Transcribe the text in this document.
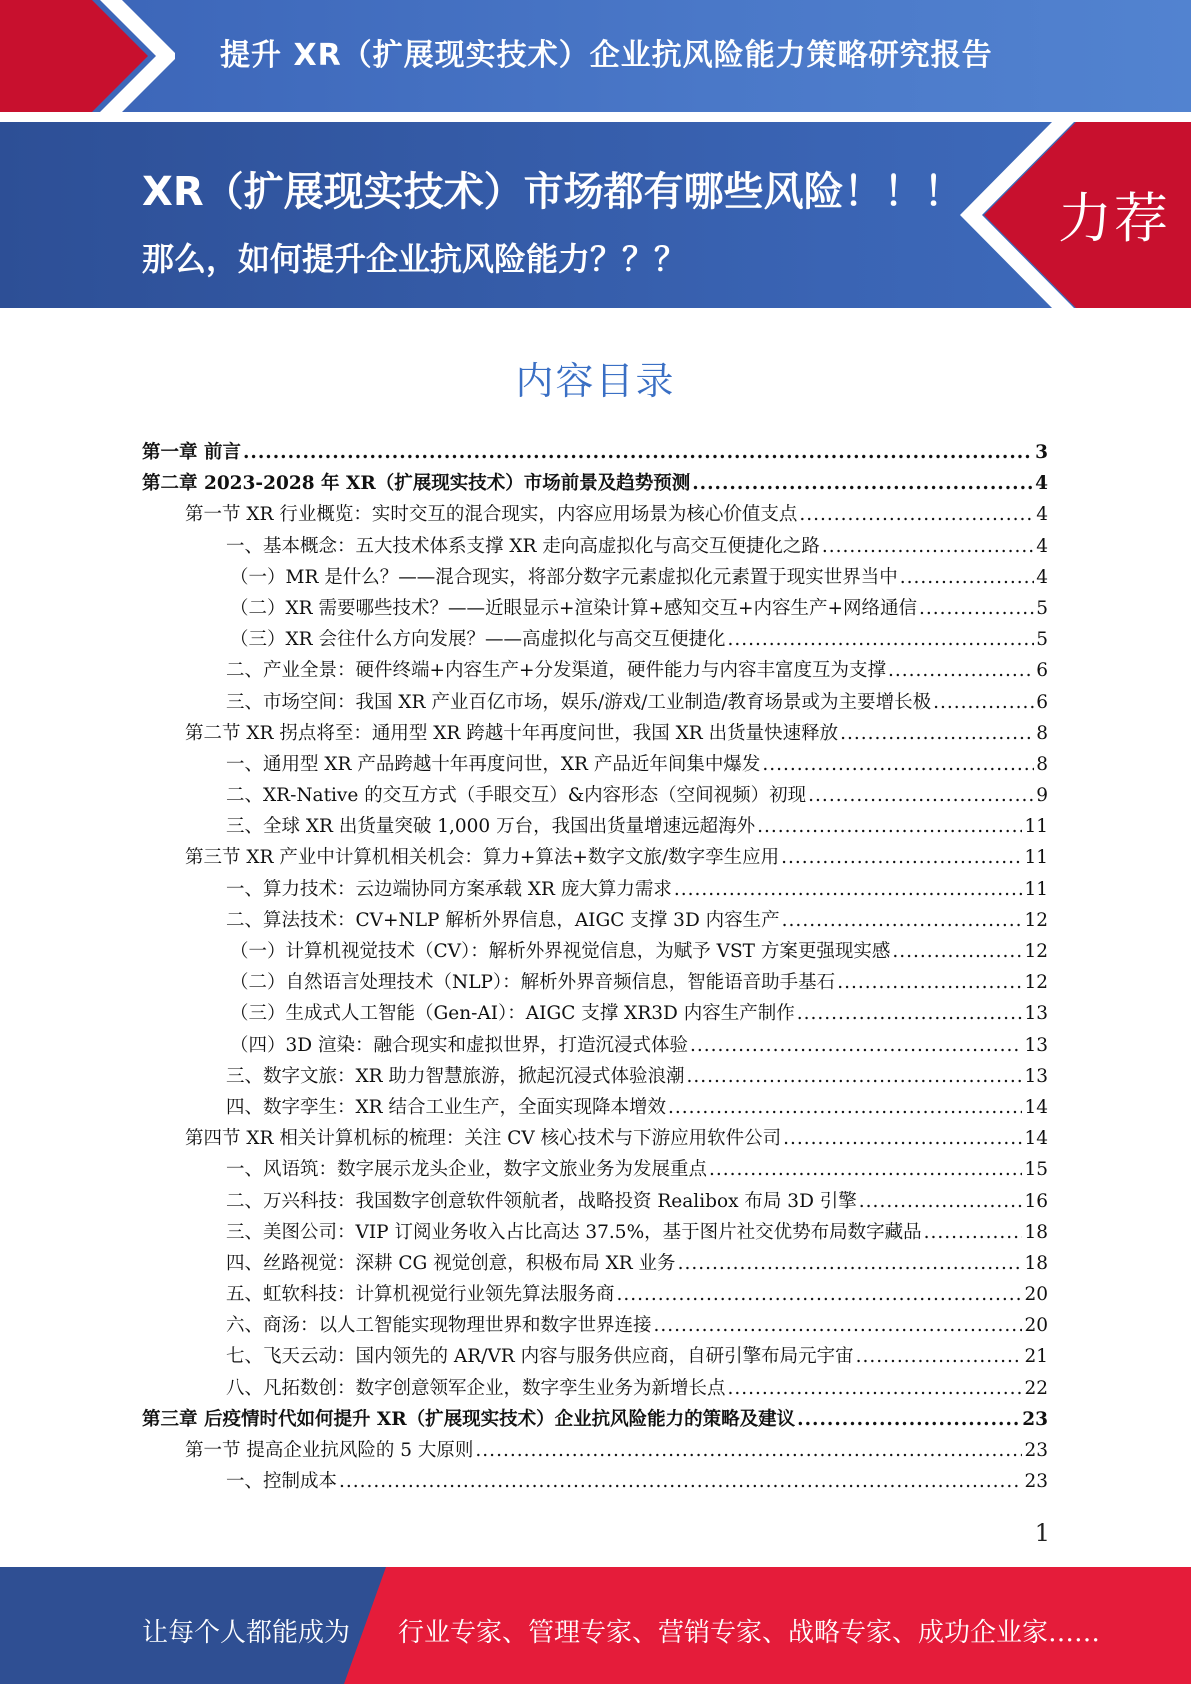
提升 XR（扩展现实技术）企业抗风险能力策略研究报告
XR（扩展现实技术）市场都有哪些风险！！！
那么，如何提升企业抗风险能力？？？
力荐
内容目录
第一章 前言 .....	3
第二章 2023-2028 年 XR（扩展现实技术）市场前景及趋势预测 .....	4
第一节 XR 行业概览：实时交互的混合现实，内容应用场景为核心价值支点 .....	4
一、基本概念：五大技术体系支撑 XR 走向高虚拟化与高交互便捷化之路 .....	4
（一）MR 是什么？——混合现实，将部分数字元素虚拟化元素置于现实世界当中 .....	4
（二）XR 需要哪些技术？——近眼显示+渲染计算+感知交互+内容生产+网络通信 .....	5
（三）XR 会往什么方向发展？——高虚拟化与高交互便捷化 .....	5
二、产业全景：硬件终端+内容生产+分发渠道，硬件能力与内容丰富度互为支撑 .....	6
三、市场空间：我国 XR 产业百亿市场，娱乐/游戏/工业制造/教育场景或为主要增长极 .....	6
第二节 XR 拐点将至：通用型 XR 跨越十年再度问世，我国 XR 出货量快速释放 .....	8
一、通用型 XR 产品跨越十年再度问世，XR 产品近年间集中爆发 .....	8
二、XR-Native 的交互方式（手眼交互）&内容形态（空间视频）初现 .....	9
三、全球 XR 出货量突破 1,000 万台，我国出货量增速远超海外 .....	11
第三节 XR 产业中计算机相关机会：算力+算法+数字文旅/数字孪生应用 .....	11
一、算力技术：云边端协同方案承载 XR 庞大算力需求 .....	11
二、算法技术：CV+NLP 解析外界信息，AIGC 支撑 3D 内容生产 .....	12
（一）计算机视觉技术（CV）：解析外界视觉信息，为赋予 VST 方案更强现实感 .....	12
（二）自然语言处理技术（NLP）：解析外界音频信息，智能语音助手基石 .....	12
（三）生成式人工智能（Gen-AI）：AIGC 支撑 XR3D 内容生产制作 .....	13
（四）3D 渲染：融合现实和虚拟世界，打造沉浸式体验 .....	13
三、数字文旅：XR 助力智慧旅游，掀起沉浸式体验浪潮 .....	13
四、数字孪生：XR 结合工业生产，全面实现降本增效 .....	14
第四节 XR 相关计算机标的梳理：关注 CV 核心技术与下游应用软件公司 .....	14
一、风语筑：数字展示龙头企业，数字文旅业务为发展重点 .....	15
二、万兴科技：我国数字创意软件领航者，战略投资 Realibox 布局 3D 引擎 .....	16
三、美图公司：VIP 订阅业务收入占比高达 37.5%，基于图片社交优势布局数字藏品 .....	18
四、丝路视觉：深耕 CG 视觉创意，积极布局 XR 业务 .....	18
五、虹软科技：计算机视觉行业领先算法服务商 .....	20
六、商汤：以人工智能实现物理世界和数字世界连接 .....	20
七、飞天云动：国内领先的 AR/VR 内容与服务供应商，自研引擎布局元宇宙 .....	21
八、凡拓数创：数字创意领军企业，数字孪生业务为新增长点 .....	22
第三章 后疫情时代如何提升 XR（扩展现实技术）企业抗风险能力的策略及建议 .....	23
第一节 提高企业抗风险的 5 大原则 .....	23
一、控制成本 .....	23
1
让每个人都能成为 行业专家、管理专家、营销专家、战略专家、成功企业家……
